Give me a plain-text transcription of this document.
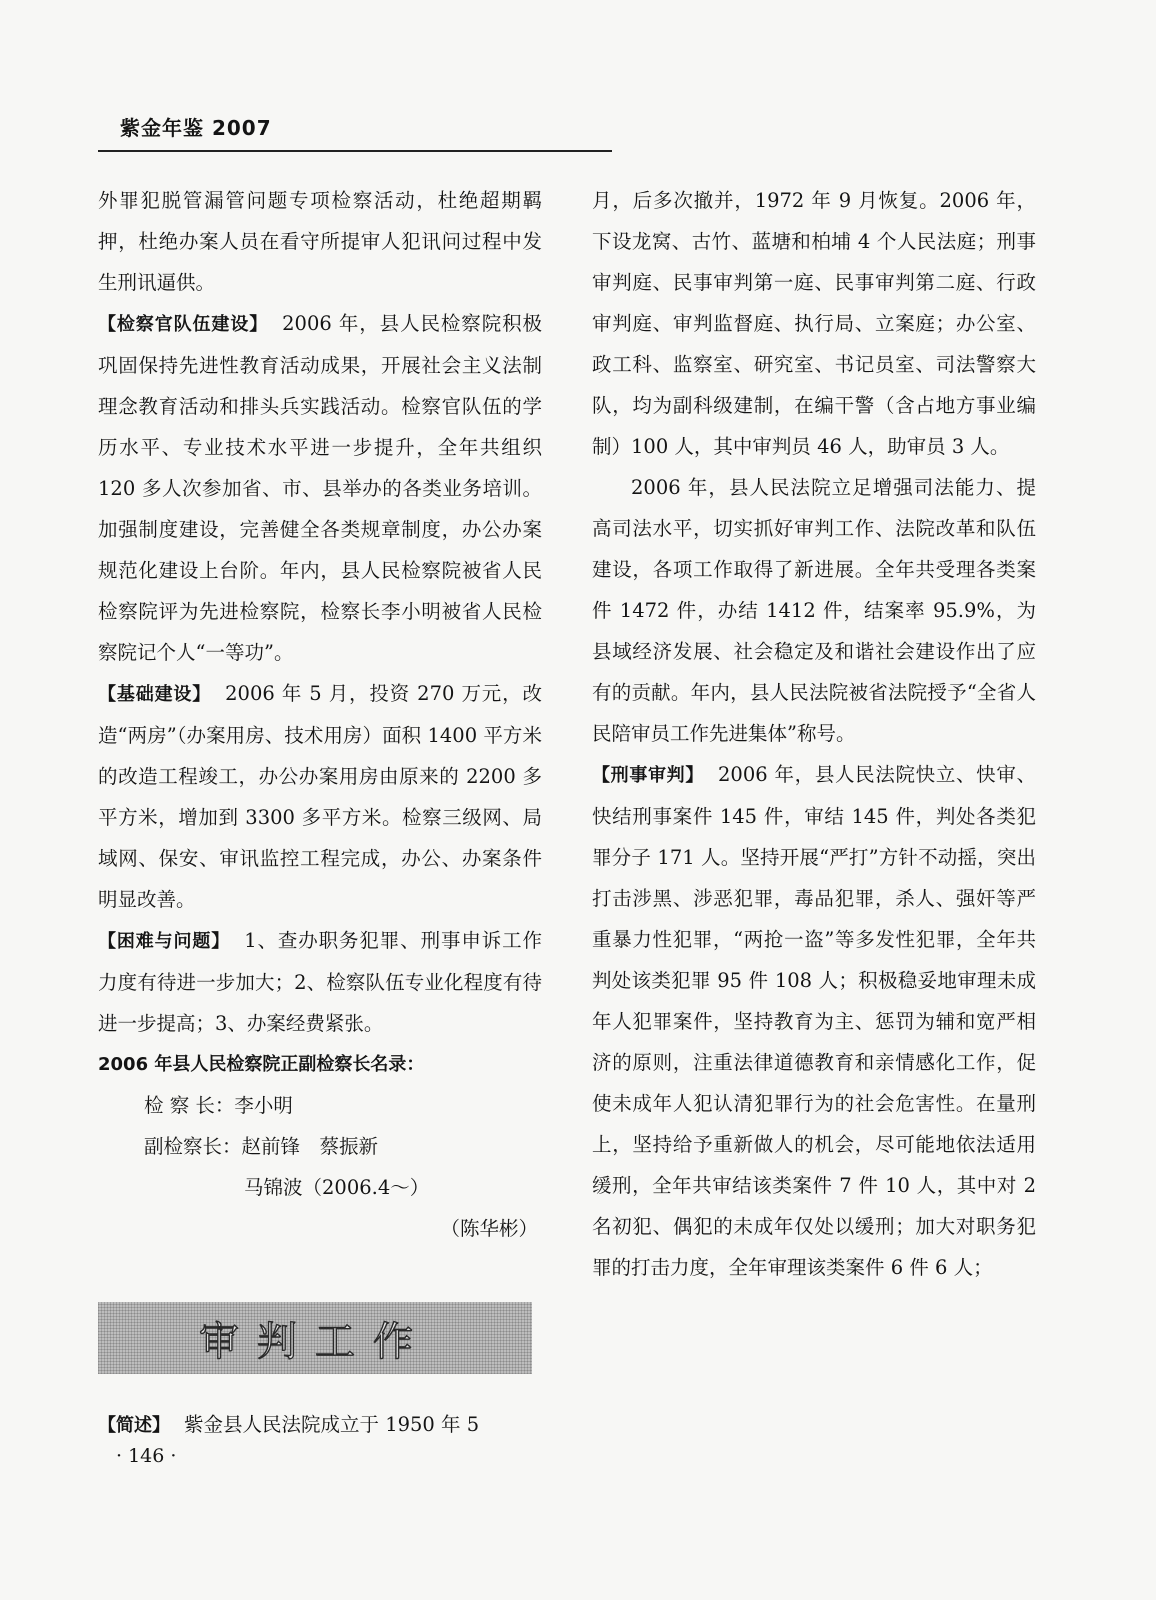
紫金年鉴 2007

外罪犯脱管漏管问题专项检察活动，杜绝超期羁押，杜绝办案人员在看守所提审人犯讯问过程中发生刑讯逼供。

【检察官队伍建设】 2006 年，县人民检察院积极巩固保持先进性教育活动成果，开展社会主义法制理念教育活动和排头兵实践活动。检察官队伍的学历水平、专业技术水平进一步提升，全年共组织 120 多人次参加省、市、县举办的各类业务培训。加强制度建设，完善健全各类规章制度，办公办案规范化建设上台阶。年内，县人民检察院被省人民检察院评为先进检察院，检察长李小明被省人民检察院记个人“一等功”。

【基础建设】 2006 年 5 月，投资 270 万元，改造“两房”（办案用房、技术用房）面积 1400 平方米的改造工程竣工，办公办案用房由原来的 2200 多平方米，增加到 3300 多平方米。检察三级网、局域网、保安、审讯监控工程完成，办公、办案条件明显改善。

【困难与问题】 1、查办职务犯罪、刑事申诉工作力度有待进一步加大；2、检察队伍专业化程度有待进一步提高；3、办案经费紧张。

2006 年县人民检察院正副检察长名录：

检 察 长：李小明

副检察长：赵前锋　蔡振新

马锦波（2006.4～）

（陈华彬）

审判工作
【简述】 紫金县人民法院成立于 1950 年 5
· 146 ·

月，后多次撤并，1972 年 9 月恢复。2006 年，下设龙窝、古竹、蓝塘和柏埔 4 个人民法庭；刑事审判庭、民事审判第一庭、民事审判第二庭、行政审判庭、审判监督庭、执行局、立案庭；办公室、政工科、监察室、研究室、书记员室、司法警察大队，均为副科级建制，在编干警（含占地方事业编制）100 人，其中审判员 46 人，助审员 3 人。

2006 年，县人民法院立足增强司法能力、提高司法水平，切实抓好审判工作、法院改革和队伍建设，各项工作取得了新进展。全年共受理各类案件 1472 件，办结 1412 件，结案率 95.9%，为县域经济发展、社会稳定及和谐社会建设作出了应有的贡献。年内，县人民法院被省法院授予“全省人民陪审员工作先进集体”称号。

【刑事审判】 2006 年，县人民法院快立、快审、快结刑事案件 145 件，审结 145 件，判处各类犯罪分子 171 人。坚持开展“严打”方针不动摇，突出打击涉黑、涉恶犯罪，毒品犯罪，杀人、强奸等严重暴力性犯罪，“两抢一盗”等多发性犯罪，全年共判处该类犯罪 95 件 108 人；积极稳妥地审理未成年人犯罪案件，坚持教育为主、惩罚为辅和宽严相济的原则，注重法律道德教育和亲情感化工作，促使未成年人犯认清犯罪行为的社会危害性。在量刑上，坚持给予重新做人的机会，尽可能地依法适用缓刑，全年共审结该类案件 7 件 10 人，其中对 2 名初犯、偶犯的未成年仅处以缓刑；加大对职务犯罪的打击力度，全年审理该类案件 6 件 6 人；
